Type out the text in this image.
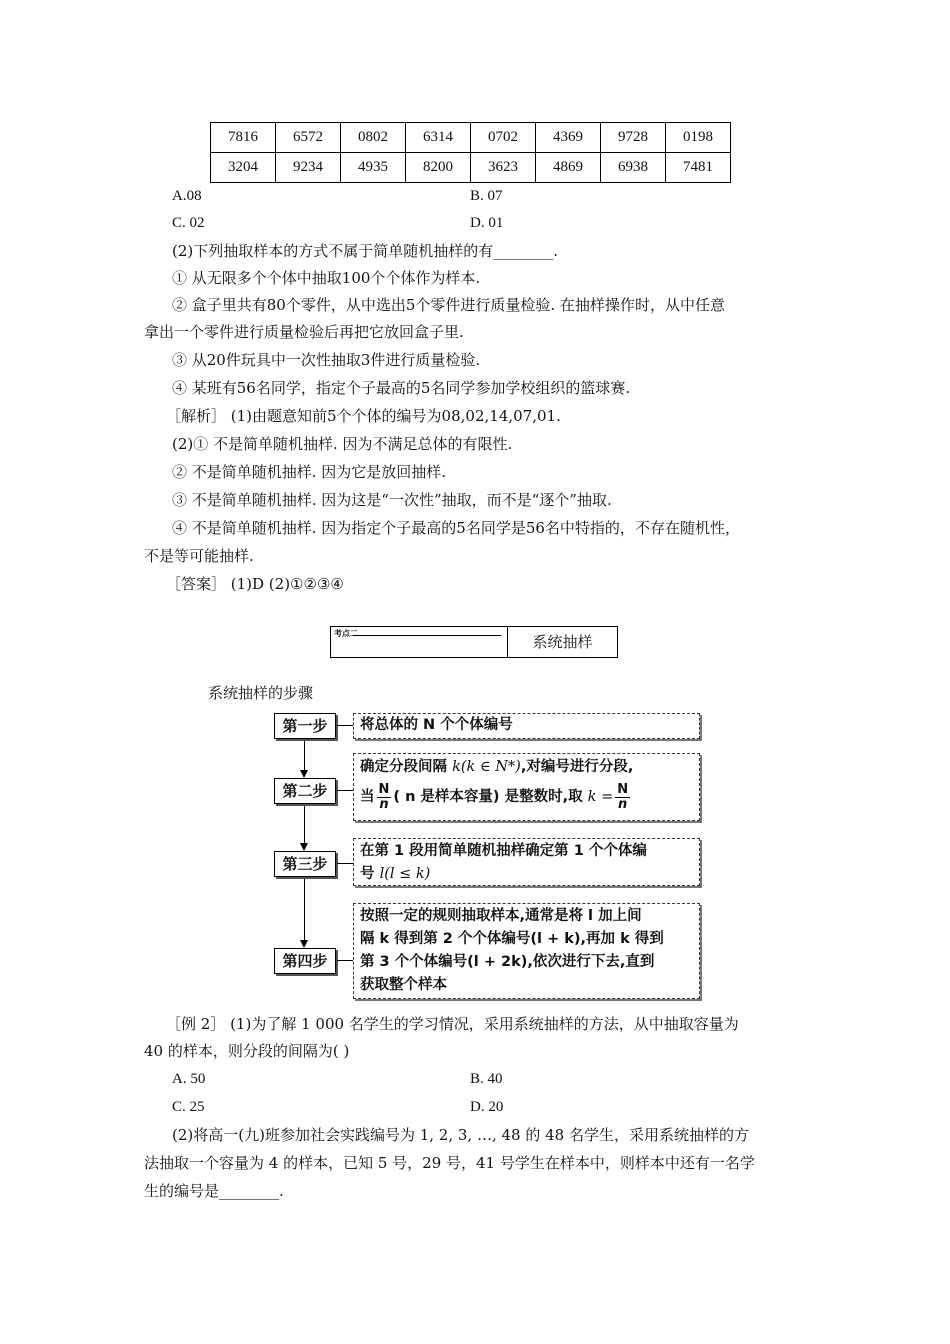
7816	6572	0802	6314	0702	4369	9728	0198
3204	9234	4935	8200	3623	4869	6938	7481
A.08	B. 07
C. 02	D. 01
(2)下列抽取样本的方式不属于简单随机抽样的有________.
① 从无限多个个体中抽取100个个体作为样本.
② 盒子里共有80个零件，从中选出5个零件进行质量检验. 在抽样操作时，从中任意
拿出一个零件进行质量检验后再把它放回盒子里.
③ 从20件玩具中一次性抽取3件进行质量检验.
④ 某班有56名同学，指定个子最高的5名同学参加学校组织的篮球赛.
［解析］ (1)由题意知前5个个体的编号为08,02,14,07,01.
(2)① 不是简单随机抽样. 因为不满足总体的有限性.
② 不是简单随机抽样. 因为它是放回抽样.
③ 不是简单随机抽样. 因为这是“一次性”抽取，而不是“逐个”抽取.
④ 不是简单随机抽样. 因为指定个子最高的5名同学是56名中特指的，不存在随机性，
不是等可能抽样.
［答案］ (1)D (2)①②③④
考点二	系统抽样
系统抽样的步骤
第一步	将总体的 N 个个体编号
第二步
确定分段间隔 k(k ∈ N*),对编号进行分段,
当 $\frac{N}{n}$ ( n 是样本容量) 是整数时,取 $k = \frac{N}{n}$
第三步
在第 1 段用简单随机抽样确定第 1 个个体编
号 l(l ≤ k)
第四步
按照一定的规则抽取样本,通常是将 l 加上间
隔 k 得到第 2 个个体编号(l + k),再加 k 得到
第 3 个个体编号(l + 2k),依次进行下去,直到
获取整个样本
［例 2］ (1)为了解 1 000 名学生的学习情况，采用系统抽样的方法，从中抽取容量为
40 的样本，则分段的间隔为( )
A. 50	B. 40
C. 25	D. 20
(2)将高一(九)班参加社会实践编号为 1, 2, 3, …, 48 的 48 名学生，采用系统抽样的方
法抽取一个容量为 4 的样本，已知 5 号，29 号，41 号学生在样本中，则样本中还有一名学
生的编号是________.
